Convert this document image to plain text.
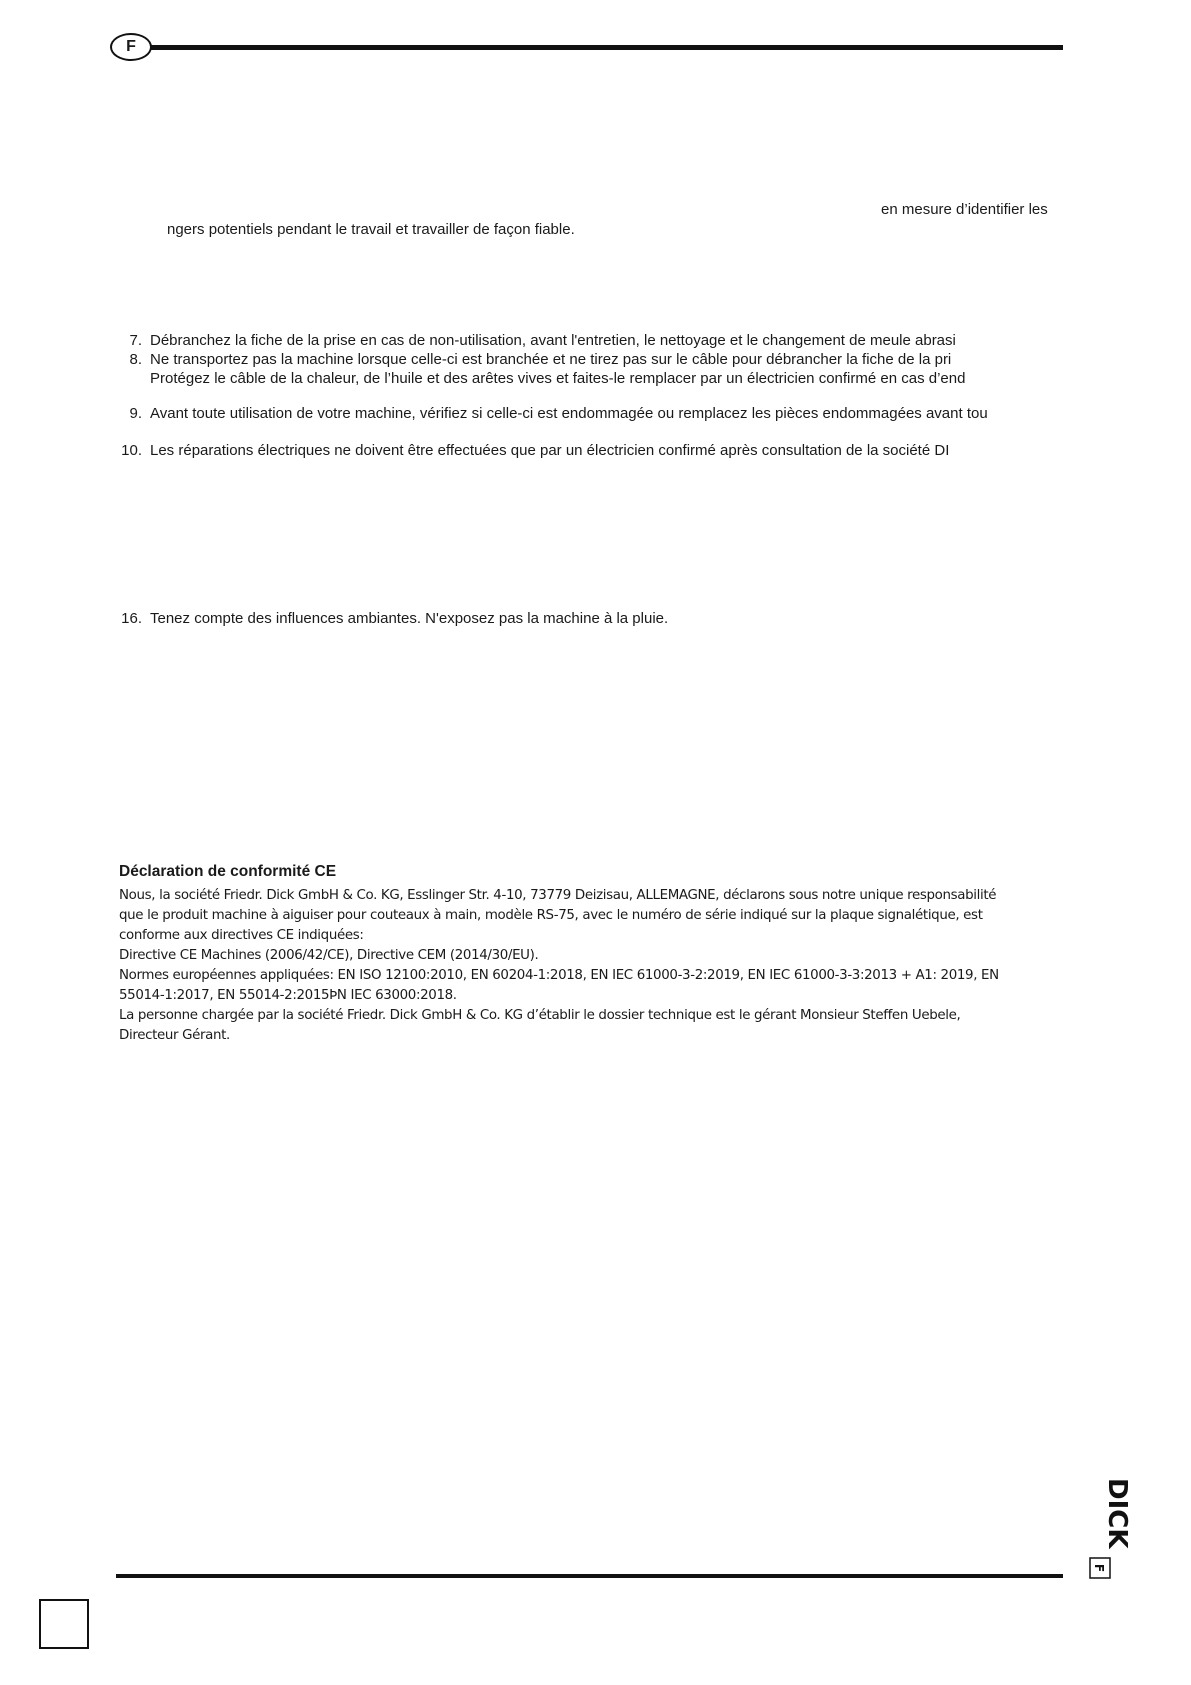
F
en mesure d’identifier les
ngers potentiels pendant le travail et travailler de façon fiable.
7. Débranchez la fiche de la prise en cas de non-utilisation, avant l'entretien, le nettoyage et le changement de meule abrasi
8. Ne transportez pas la machine lorsque celle-ci est branchée et ne tirez pas sur le câble pour débrancher la fiche de la pri
Protégez le câble de la chaleur, de l’huile et des arêtes vives et faites-le remplacer par un électricien confirmé en cas d’end
9. Avant toute utilisation de votre machine, vérifiez si celle-ci est endommagée ou remplacez les pièces endommagées avant tou
10. Les réparations électriques ne doivent être effectuées que par un électricien confirmé après consultation de la société DI
16. Tenez compte des influences ambiantes. N'exposez pas la machine à la pluie.
Déclaration de conformité CE

Nous, la société Friedr. Dick GmbH & Co. KG, Esslinger Str. 4-10, 73779 Deizisau, ALLEMAGNE, déclarons sous notre unique responsabilité

que le produit machine à aiguiser pour couteaux à main, modèle RS-75, avec le numéro de série indiqué sur la plaque signalétique, est

conforme aux directives CE indiquées:

Directive CE Machines (2006/42/CE), Directive CEM (2014/30/EU).

Normes européennes appliquées: EN ISO 12100:2010, EN 60204-1:2018, EN IEC 61000-3-2:2019, EN IEC 61000-3-3:2013 + A1: 2019, EN

55014-1:2017, EN 55014-2:2015ÞN IEC 63000:2018.

La personne chargée par la société Friedr. Dick GmbH & Co. KG d’établir le dossier technique est le gérant Monsieur Steffen Uebele,

Directeur Gérant.

DICK
F
